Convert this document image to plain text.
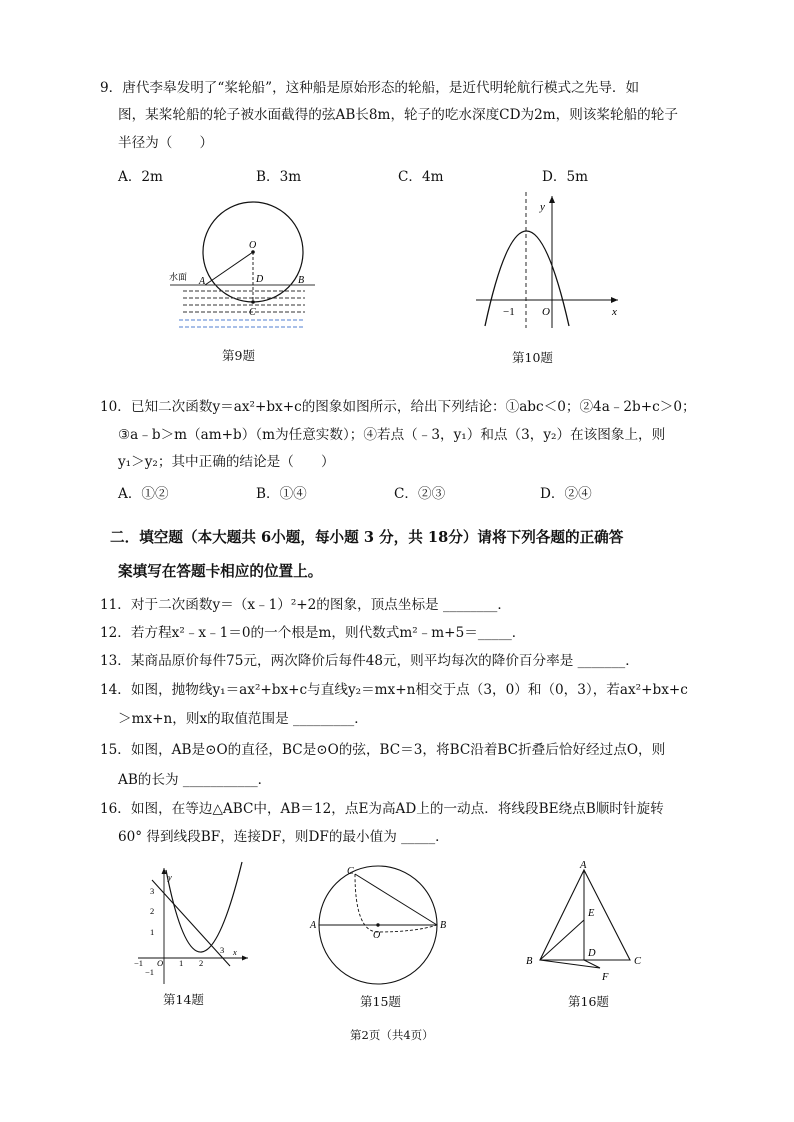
9．唐代李皋发明了“桨轮船”，这种船是原始形态的轮船，是近代明轮航行模式之先导．如
图，某桨轮船的轮子被水面截得的弦AB长8m，轮子的吃水深度CD为2m，则该桨轮船的轮子
半径为（　　）
A．2m	B．3m	C．4m	D．5m
O
A	D	B
C
水面
第9题
y
x
O
−1
第10题
10．已知二次函数y＝ax²+bx+c的图象如图所示，给出下列结论：①abc＜0；②4a﹣2b+c＞0；
③a﹣b＞m（am+b）（m为任意实数）；④若点（﹣3，y₁）和点（3，y₂）在该图象上，则
y₁＞y₂；其中正确的结论是（　　）
A．①②	B．①④	C．②③	D．②④
二．填空题（本大题共 6小题，每小题 3 分，共 18分）请将下列各题的正确答
案填写在答题卡相应的位置上。
11．对于二次函数y＝（x﹣1）²+2的图象，顶点坐标是 ________．
12．若方程x²﹣x﹣1＝0的一个根是m，则代数式m²﹣m+5＝_____．
13．某商品原价每件75元，两次降价后每件48元，则平均每次的降价百分率是 _______．
14．如图，抛物线y₁＝ax²+bx+c与直线y₂＝mx+n相交于点（3，0）和（0，3），若ax²+bx+c
＞mx+n，则x的取值范围是 _________．
15．如图，AB是⊙O的直径，BC是⊙O的弦，BC＝3，将BC沿着BC折叠后恰好经过点O，则
AB的长为 ___________．
16．如图，在等边△ABC中，AB＝12，点E为高AD上的一动点．将线段BE绕点B顺时针旋转
60° 得到线段BF，连接DF，则DF的最小值为 _____．
3
2
1
−1
−1 O 1 2
3 x
y
第14题
C
A
O
B
第15题
A
E
D
B	C
F
第16题
第2页（共4页）
